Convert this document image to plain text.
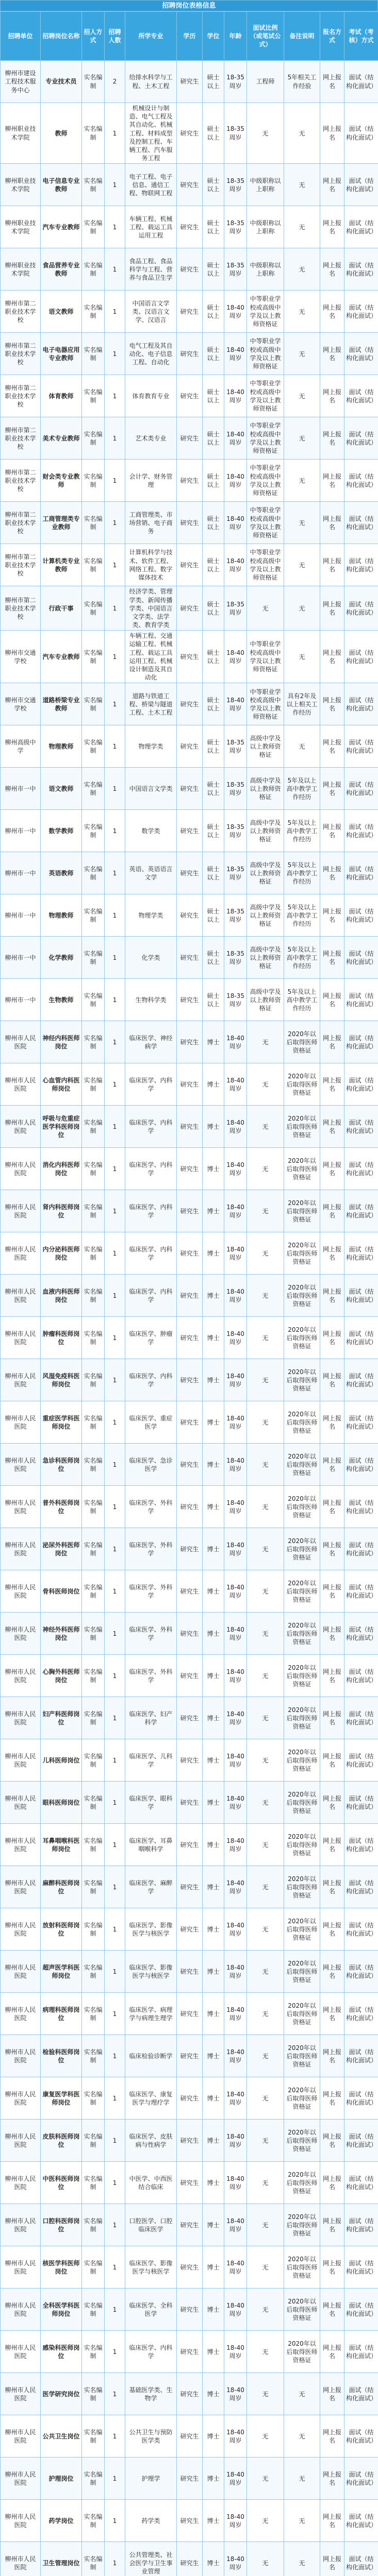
招聘岗位表格信息
招聘单位	招聘岗位名称	招人方式	招聘人数	所学专业	学历	学位	年龄	面试比例（或笔试公式）	备注说明	报名方式	考试（考核）方式
柳州市建设工程技术服务中心	专业技术员	实名编制	2	给排水科学与工程、土木工程	研究生	硕士以上	18-35周岁	工程师	5年相关工作经验	网上报名	面试（结构化面试）
柳州职业技术学院	教师	实名编制	1	机械设计与制造、电气工程及其自动化、机械工程、材料成型及控制工程、车辆工程、汽车服务工程	研究生	硕士以上	18-35周岁	无	无	网上报名	面试（结构化面试）
柳州职业技术学院	电子信息专业教师	实名编制	1	电子工程、电子信息、通信工程、物联网工程	研究生	硕士以上	18-35周岁	中级职称以上职称	无	网上报名	面试（结构化面试）
柳州职业技术学院	汽车专业教师	实名编制	1	车辆工程、机械工程、载运工具运用工程	研究生	硕士以上	18-35周岁	中级职称以上职称	无	网上报名	面试（结构化面试）
柳州职业技术学院	食品营养专业教师	实名编制	1	食品工程、食品科学与工程、营养与食品卫生学	研究生	硕士以上	18-35周岁	中级职称以上职称	无	网上报名	面试（结构化面试）
柳州市第二职业技术学校	语文教师	实名编制	1	中国语言文学类、汉语言文学、汉语言	研究生	硕士以上	18-40周岁	中等职业学校或高级中学及以上教师资格证	无	网上报名	面试（结构化面试）
柳州市第二职业技术学校	电子电器应用专业教师	实名编制	1	电气工程及其自动化、电子信息工程、自动化	研究生	硕士以上	18-40周岁	中等职业学校或高级中学及以上教师资格证	无	网上报名	面试（结构化面试）
柳州市第二职业技术学校	体育教师	实名编制	1	体育教育专业	研究生	硕士以上	18-40周岁	中等职业学校或高级中学及以上教师资格证	无	网上报名	面试（结构化面试）
柳州市第二职业技术学校	美术专业教师	实名编制	1	艺术类专业	研究生	硕士以上	18-40周岁	中等职业学校或高级中学及以上教师资格证	无	网上报名	面试（结构化面试）
柳州市第二职业技术学校	财会类专业教师	实名编制	1	会计学、财务管理	研究生	硕士以上	18-40周岁	中等职业学校或高级中学及以上教师资格证	无	网上报名	面试（结构化面试）
柳州市第二职业技术学校	工商管理类专业教师	实名编制	1	工商管理类、市场营销、电子商务	研究生	硕士以上	18-40周岁	中等职业学校或高级中学及以上教师资格证	无	网上报名	面试（结构化面试）
柳州市第二职业技术学校	计算机类专业教师	实名编制	1	计算机科学与技术、软件工程、网络工程、数字媒体技术	研究生	硕士以上	18-40周岁	中等职业学校或高级中学及以上教师资格证	无	网上报名	面试（结构化面试）
柳州市第二职业技术学校	行政干事	实名编制	1	经济学类、管理学类、新闻传播学类、中国语言文学类、法学类、教育学类	研究生	硕士以上	18-35周岁	无	无	网上报名	面试（结构化面试）
柳州市交通学校	汽车专业教师	实名编制	1	车辆工程、交通运输工程、机械工程、载运工具运用工程、机械设计制造及其自动化	研究生	硕士以上	18-40周岁	中等职业学校或高级中学及以上教师资格证	无	网上报名	面试（结构化面试）
柳州市交通学校	道路桥梁专业教师	实名编制	1	道路与铁道工程、桥梁与隧道工程、土木工程	研究生	硕士以上	18-40周岁	中等职业学校或高级中学及以上教师资格证	具有2年及以上相关工作经历	网上报名	面试（结构化面试）
柳州高级中学	物理教师	实名编制	1	物理学类	研究生	硕士以上	18-35周岁	高级中学及以上教师资格证	无	网上报名	面试（结构化面试）
柳州市一中	语文教师	实名编制	1	中国语言文学类	研究生	硕士以上	18-35周岁	高级中学及以上教师资格证	5年及以上高中教学工作经历	网上报名	面试（结构化面试）
柳州市一中	数学教师	实名编制	1	数学类	研究生	硕士以上	18-35周岁	高级中学及以上教师资格证	5年及以上高中教学工作经历	网上报名	面试（结构化面试）
柳州市一中	英语教师	实名编制	1	英语、英语语言文学	研究生	硕士以上	18-35周岁	高级中学及以上教师资格证	5年及以上高中教学工作经历	网上报名	面试（结构化面试）
柳州市一中	物理教师	实名编制	1	物理学类	研究生	硕士以上	18-35周岁	高级中学及以上教师资格证	5年及以上高中教学工作经历	网上报名	面试（结构化面试）
柳州市一中	化学教师	实名编制	1	化学类	研究生	硕士以上	18-35周岁	高级中学及以上教师资格证	5年及以上高中教学工作经历	网上报名	面试（结构化面试）
柳州市一中	生物教师	实名编制	1	生物科学类	研究生	硕士以上	18-35周岁	高级中学及以上教师资格证	5年及以上高中教学工作经历	网上报名	面试（结构化面试）
柳州市人民医院	神经内科医师岗位	实名编制	1	临床医学、神经病学	研究生	博士	18-40周岁	无	2020年以后取得医师资格证	网上报名	面试（结构化面试）
柳州市人民医院	心血管内科医师岗位	实名编制	1	临床医学、内科学	研究生	博士	18-40周岁	无	2020年以后取得医师资格证	网上报名	面试（结构化面试）
柳州市人民医院	呼吸与危重症医学科医师岗位	实名编制	1	临床医学、内科学	研究生	博士	18-40周岁	无	2020年以后取得医师资格证	网上报名	面试（结构化面试）
柳州市人民医院	消化内科医师岗位	实名编制	1	临床医学、内科学	研究生	博士	18-40周岁	无	2020年以后取得医师资格证	网上报名	面试（结构化面试）
柳州市人民医院	肾内科医师岗位	实名编制	1	临床医学、内科学	研究生	博士	18-40周岁	无	2020年以后取得医师资格证	网上报名	面试（结构化面试）
柳州市人民医院	内分泌科医师岗位	实名编制	1	临床医学、内科学	研究生	博士	18-40周岁	无	2020年以后取得医师资格证	网上报名	面试（结构化面试）
柳州市人民医院	血液内科医师岗位	实名编制	1	临床医学、内科学	研究生	博士	18-40周岁	无	2020年以后取得医师资格证	网上报名	面试（结构化面试）
柳州市人民医院	肿瘤科医师岗位	实名编制	1	临床医学、肿瘤学	研究生	博士	18-40周岁	无	2020年以后取得医师资格证	网上报名	面试（结构化面试）
柳州市人民医院	风湿免疫科医师岗位	实名编制	1	临床医学、内科学	研究生	博士	18-40周岁	无	2020年以后取得医师资格证	网上报名	面试（结构化面试）
柳州市人民医院	重症医学科医师岗位	实名编制	1	临床医学、重症医学	研究生	博士	18-40周岁	无	2020年以后取得医师资格证	网上报名	面试（结构化面试）
柳州市人民医院	急诊科医师岗位	实名编制	1	临床医学、急诊医学	研究生	博士	18-40周岁	无	2020年以后取得医师资格证	网上报名	面试（结构化面试）
柳州市人民医院	普外科医师岗位	实名编制	1	临床医学、外科学	研究生	博士	18-40周岁	无	2020年以后取得医师资格证	网上报名	面试（结构化面试）
柳州市人民医院	泌尿外科医师岗位	实名编制	1	临床医学、外科学	研究生	博士	18-40周岁	无	2020年以后取得医师资格证	网上报名	面试（结构化面试）
柳州市人民医院	骨科医师岗位	实名编制	1	临床医学、外科学	研究生	博士	18-40周岁	无	2020年以后取得医师资格证	网上报名	面试（结构化面试）
柳州市人民医院	神经外科医师岗位	实名编制	1	临床医学、外科学	研究生	博士	18-40周岁	无	2020年以后取得医师资格证	网上报名	面试（结构化面试）
柳州市人民医院	心胸外科医师岗位	实名编制	1	临床医学、外科学	研究生	博士	18-40周岁	无	2020年以后取得医师资格证	网上报名	面试（结构化面试）
柳州市人民医院	妇产科医师岗位	实名编制	1	临床医学、妇产科学	研究生	博士	18-40周岁	无	2020年以后取得医师资格证	网上报名	面试（结构化面试）
柳州市人民医院	儿科医师岗位	实名编制	1	临床医学、儿科学	研究生	博士	18-40周岁	无	2020年以后取得医师资格证	网上报名	面试（结构化面试）
柳州市人民医院	眼科医师岗位	实名编制	1	临床医学、眼科学	研究生	博士	18-40周岁	无	2020年以后取得医师资格证	网上报名	面试（结构化面试）
柳州市人民医院	耳鼻咽喉科医师岗位	实名编制	1	临床医学、耳鼻咽喉科学	研究生	博士	18-40周岁	无	2020年以后取得医师资格证	网上报名	面试（结构化面试）
柳州市人民医院	麻醉科医师岗位	实名编制	1	临床医学、麻醉学	研究生	博士	18-40周岁	无	2020年以后取得医师资格证	网上报名	面试（结构化面试）
柳州市人民医院	放射科医师岗位	实名编制	1	临床医学、影像医学与核医学	研究生	博士	18-40周岁	无	2020年以后取得医师资格证	网上报名	面试（结构化面试）
柳州市人民医院	超声医学科医师岗位	实名编制	1	临床医学、影像医学与核医学	研究生	博士	18-40周岁	无	2020年以后取得医师资格证	网上报名	面试（结构化面试）
柳州市人民医院	病理科医师岗位	实名编制	1	临床医学、病理学与病理生理学	研究生	博士	18-40周岁	无	2020年以后取得医师资格证	网上报名	面试（结构化面试）
柳州市人民医院	检验科医师岗位	实名编制	1	临床检验诊断学	研究生	博士	18-40周岁	无	2020年以后取得医师资格证	网上报名	面试（结构化面试）
柳州市人民医院	康复医学科医师岗位	实名编制	1	临床医学、康复医学与理疗学	研究生	博士	18-40周岁	无	2020年以后取得医师资格证	网上报名	面试（结构化面试）
柳州市人民医院	皮肤科医师岗位	实名编制	1	临床医学、皮肤病与性病学	研究生	博士	18-40周岁	无	2020年以后取得医师资格证	网上报名	面试（结构化面试）
柳州市人民医院	中医科医师岗位	实名编制	1	中医学、中西医结合临床	研究生	博士	18-40周岁	无	2020年以后取得医师资格证	网上报名	面试（结构化面试）
柳州市人民医院	口腔科医师岗位	实名编制	1	口腔医学、口腔临床医学	研究生	博士	18-40周岁	无	2020年以后取得医师资格证	网上报名	面试（结构化面试）
柳州市人民医院	核医学科医师岗位	实名编制	1	临床医学、影像医学与核医学	研究生	博士	18-40周岁	无	2020年以后取得医师资格证	网上报名	面试（结构化面试）
柳州市人民医院	全科医学科医师岗位	实名编制	1	临床医学、全科医学	研究生	博士	18-40周岁	无	2020年以后取得医师资格证	网上报名	面试（结构化面试）
柳州市人民医院	感染科医师岗位	实名编制	1	临床医学、内科学	研究生	博士	18-40周岁	无	2020年以后取得医师资格证	网上报名	面试（结构化面试）
柳州市人民医院	医学研究岗位	实名编制	1	基础医学类、生物学	研究生	博士	18-40周岁	无	无	网上报名	面试（结构化面试）
柳州市人民医院	公共卫生岗位	实名编制	1	公共卫生与预防医学类	研究生	博士	18-40周岁	无	无	网上报名	面试（结构化面试）
柳州市人民医院	护理岗位	实名编制	1	护理学	研究生	博士	18-40周岁	无	无	网上报名	面试（结构化面试）
柳州市人民医院	药学岗位	实名编制	1	药学类	研究生	博士	18-40周岁	无	无	网上报名	面试（结构化面试）
柳州市人民医院	卫生管理岗位	实名编制	1	公共管理类、社会医学与卫生事业管理	研究生	博士	18-40周岁	无	无	网上报名	面试（结构化面试）
